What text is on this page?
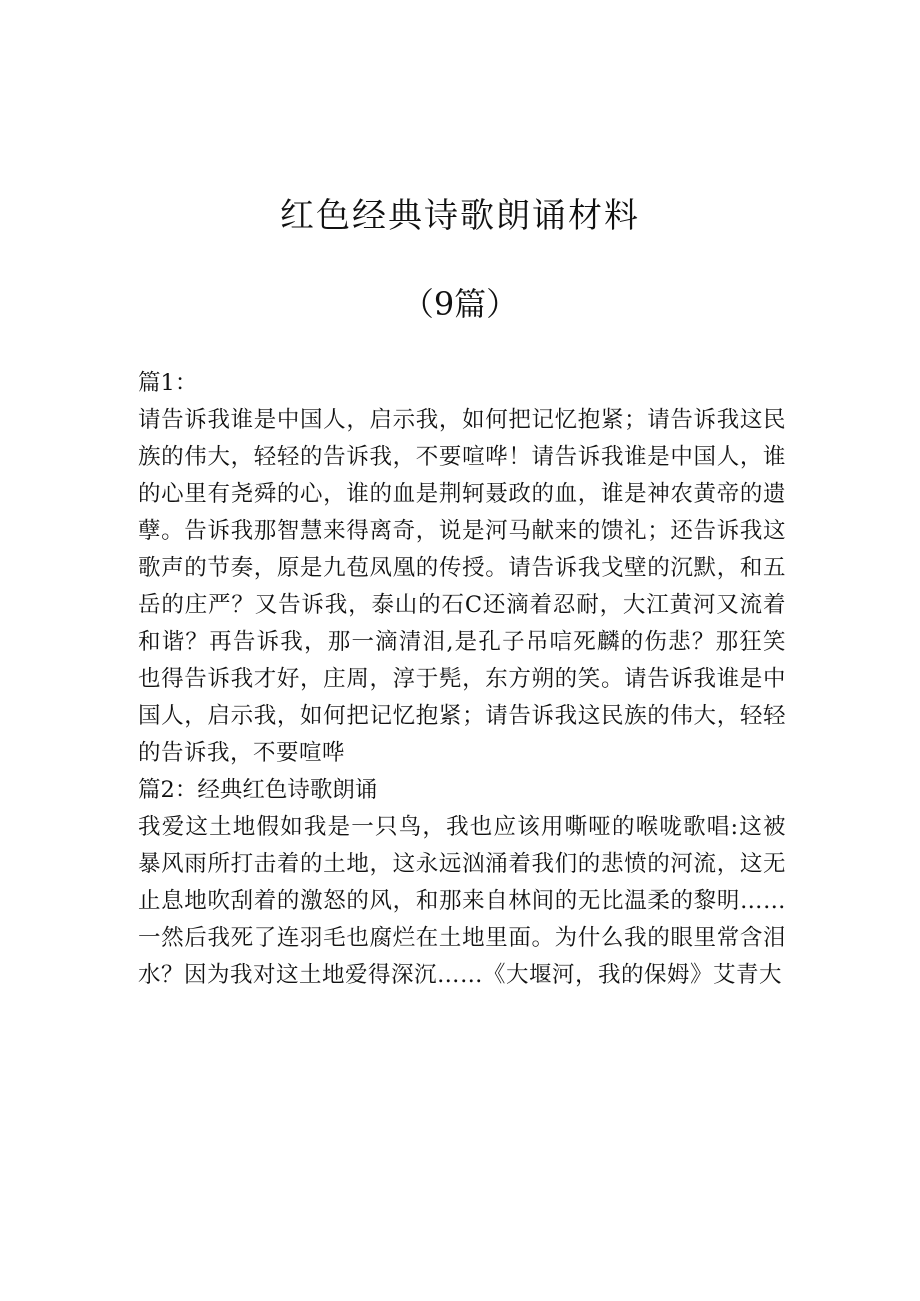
红色经典诗歌朗诵材料
（9篇）

篇1：

请告诉我谁是中国人，启示我，如何把记忆抱紧；请告诉我这民族的伟大，轻轻的告诉我，不要喧哗！请告诉我谁是中国人，谁的心里有尧舜的心，谁的血是荆轲聂政的血，谁是神农黄帝的遗孽。告诉我那智慧来得离奇，说是河马献来的馈礼；还告诉我这歌声的节奏，原是九苞凤凰的传授。请告诉我戈壁的沉默，和五岳的庄严？又告诉我，泰山的石C还滴着忍耐，大江黄河又流着和谐？再告诉我，那一滴清泪,是孔子吊唁死麟的伤悲？那狂笑也得告诉我才好，庄周，淳于髡，东方朔的笑。请告诉我谁是中国人，启示我，如何把记忆抱紧；请告诉我这民族的伟大，轻轻的告诉我，不要喧哗

篇2：经典红色诗歌朗诵

我爱这土地假如我是一只鸟，我也应该用嘶哑的喉咙歌唱:这被暴风雨所打击着的土地，这永远汹涌着我们的悲愤的河流，这无止息地吹刮着的激怒的风，和那来自林间的无比温柔的黎明……一然后我死了连羽毛也腐烂在土地里面。为什么我的眼里常含泪水？因为我对这土地爱得深沉……《大堰河，我的保姆》艾青大
